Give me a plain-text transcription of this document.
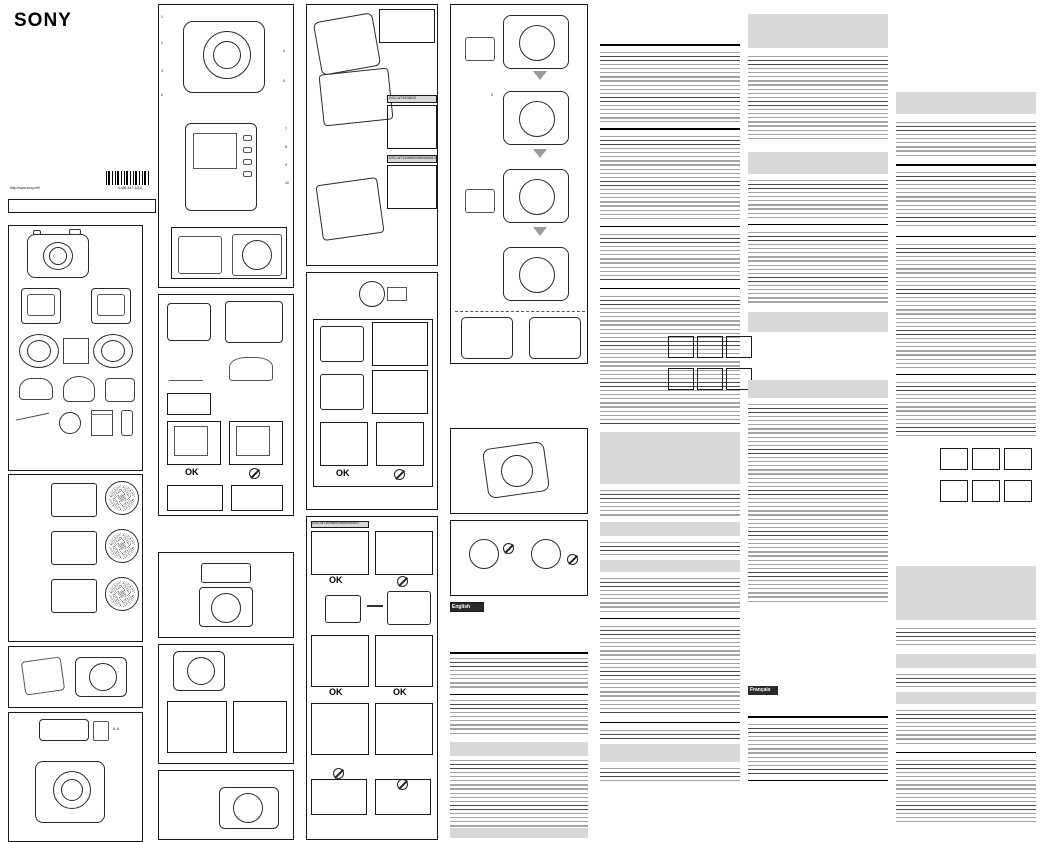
SONY
http://www.sony.net/	4-456-547-12(1)
A–6
1
2
3
4
5
6
7
8
9
10
OK
DSC-W730/W610
DSC-W710/W690/W800/W810
OK
DSC-W730/W690/W800/W810
OK
OK	OK
3
English
Français
